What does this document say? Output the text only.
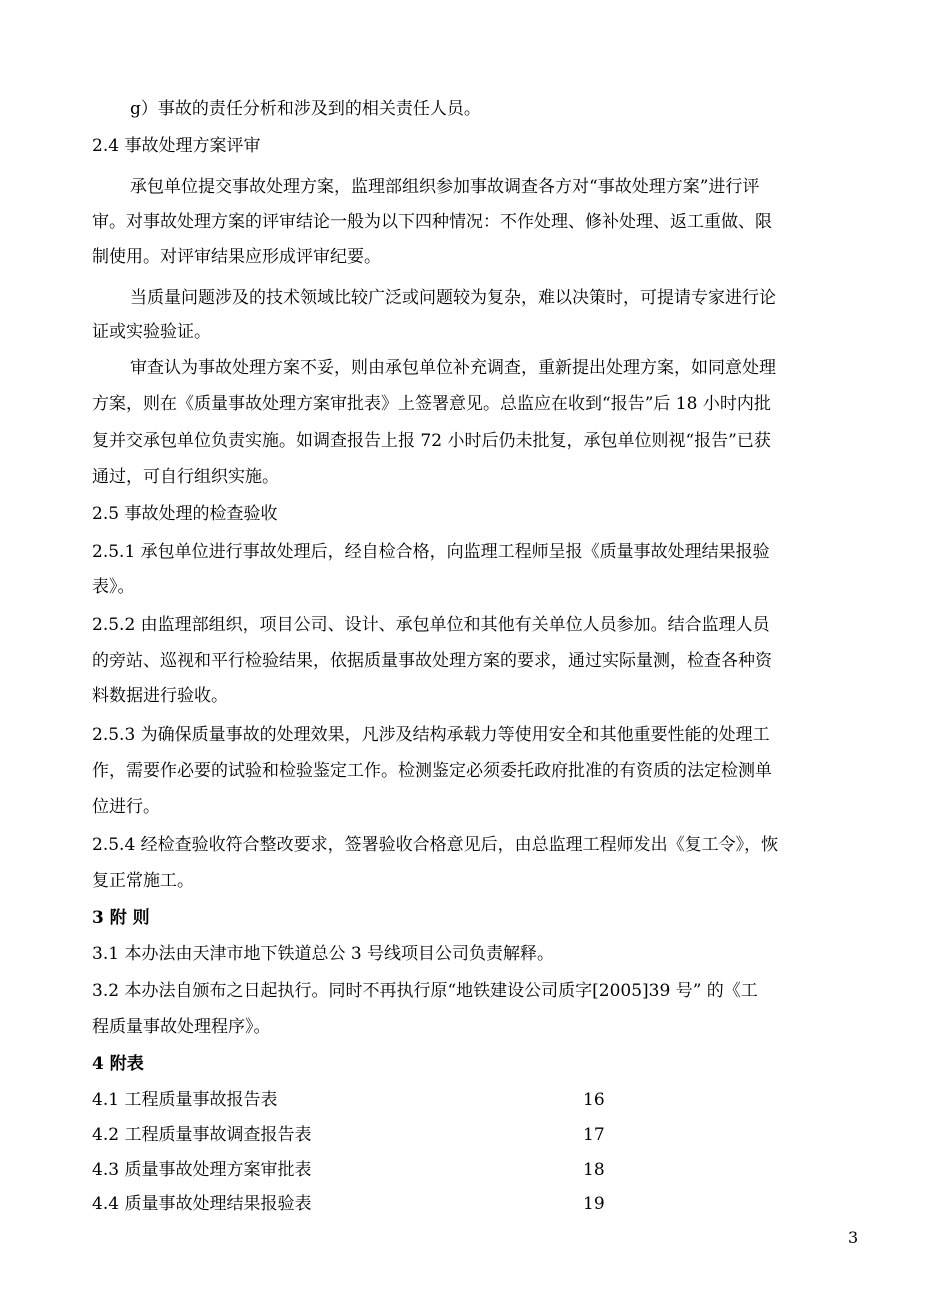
g）事故的责任分析和涉及到的相关责任人员。
2.4 事故处理方案评审
承包单位提交事故处理方案，监理部组织参加事故调查各方对“事故处理方案”进行评
审。对事故处理方案的评审结论一般为以下四种情况：不作处理、修补处理、返工重做、限
制使用。对评审结果应形成评审纪要。
当质量问题涉及的技术领域比较广泛或问题较为复杂，难以决策时，可提请专家进行论
证或实验验证。
审查认为事故处理方案不妥，则由承包单位补充调查，重新提出处理方案，如同意处理
方案，则在《质量事故处理方案审批表》上签署意见。总监应在收到“报告”后 18 小时内批
复并交承包单位负责实施。如调查报告上报 72 小时后仍未批复，承包单位则视“报告”已获
通过，可自行组织实施。
2.5 事故处理的检查验收
2.5.1 承包单位进行事故处理后，经自检合格，向监理工程师呈报《质量事故处理结果报验
表》。
2.5.2 由监理部组织，项目公司、设计、承包单位和其他有关单位人员参加。结合监理人员
的旁站、巡视和平行检验结果，依据质量事故处理方案的要求，通过实际量测，检查各种资
料数据进行验收。
2.5.3 为确保质量事故的处理效果，凡涉及结构承载力等使用安全和其他重要性能的处理工
作，需要作必要的试验和检验鉴定工作。检测鉴定必须委托政府批准的有资质的法定检测单
位进行。
2.5.4 经检查验收符合整改要求，签署验收合格意见后，由总监理工程师发出《复工令》，恢
复正常施工。
3 附 则
3.1 本办法由天津市地下铁道总公 3 号线项目公司负责解释。
3.2 本办法自颁布之日起执行。同时不再执行原“地铁建设公司质字[2005]39 号” 的《工
程质量事故处理程序》。
4 附表
4.1 工程质量事故报告表	16
4.2 工程质量事故调查报告表	17
4.3 质量事故处理方案审批表	18
4.4 质量事故处理结果报验表	19
3
